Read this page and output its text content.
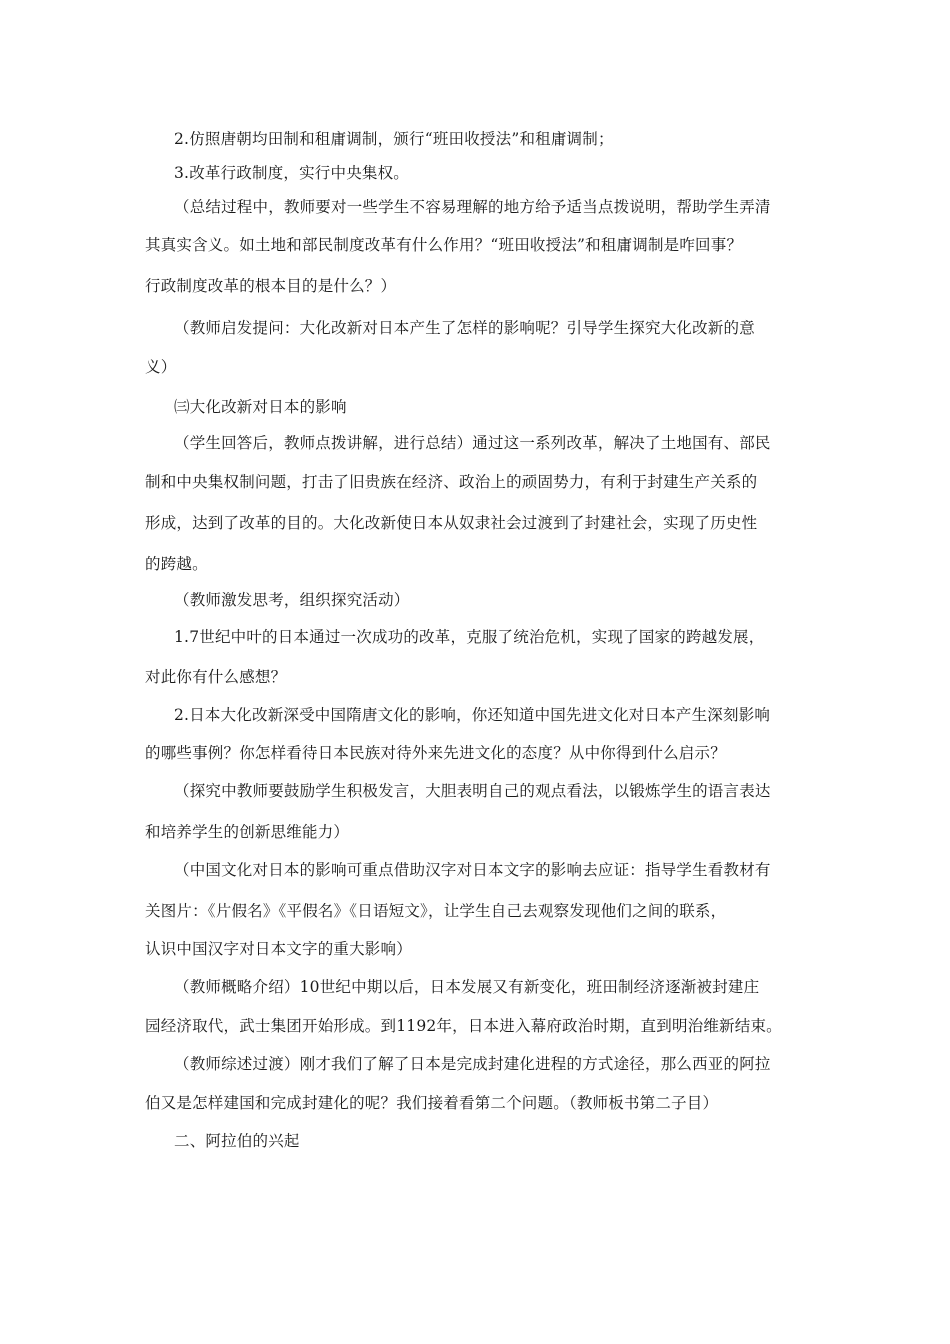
2.仿照唐朝均田制和租庸调制，颁行“班田收授法”和租庸调制；
3.改革行政制度，实行中央集权。
（总结过程中，教师要对一些学生不容易理解的地方给予适当点拨说明，帮助学生弄清
其真实含义。如土地和部民制度改革有什么作用？“班田收授法”和租庸调制是咋回事？
行政制度改革的根本目的是什么？）
（教师启发提问：大化改新对日本产生了怎样的影响呢？引导学生探究大化改新的意
义）
㈢大化改新对日本的影响
（学生回答后，教师点拨讲解，进行总结）通过这一系列改革，解决了土地国有、部民
制和中央集权制问题，打击了旧贵族在经济、政治上的顽固势力，有利于封建生产关系的
形成，达到了改革的目的。大化改新使日本从奴隶社会过渡到了封建社会，实现了历史性
的跨越。
（教师激发思考，组织探究活动）
1.7世纪中叶的日本通过一次成功的改革，克服了统治危机，实现了国家的跨越发展，
对此你有什么感想？
2.日本大化改新深受中国隋唐文化的影响，你还知道中国先进文化对日本产生深刻影响
的哪些事例？你怎样看待日本民族对待外来先进文化的态度？从中你得到什么启示？
（探究中教师要鼓励学生积极发言，大胆表明自己的观点看法，以锻炼学生的语言表达
和培养学生的创新思维能力）
（中国文化对日本的影响可重点借助汉字对日本文字的影响去应证：指导学生看教材有
关图片：《片假名》《平假名》《日语短文》，让学生自己去观察发现他们之间的联系，
认识中国汉字对日本文字的重大影响）
（教师概略介绍）10世纪中期以后，日本发展又有新变化，班田制经济逐渐被封建庄
园经济取代，武士集团开始形成。到1192年，日本进入幕府政治时期，直到明治维新结束。
（教师综述过渡）刚才我们了解了日本是完成封建化进程的方式途径，那么西亚的阿拉
伯又是怎样建国和完成封建化的呢？我们接着看第二个问题。（教师板书第二子目）
二、阿拉伯的兴起
